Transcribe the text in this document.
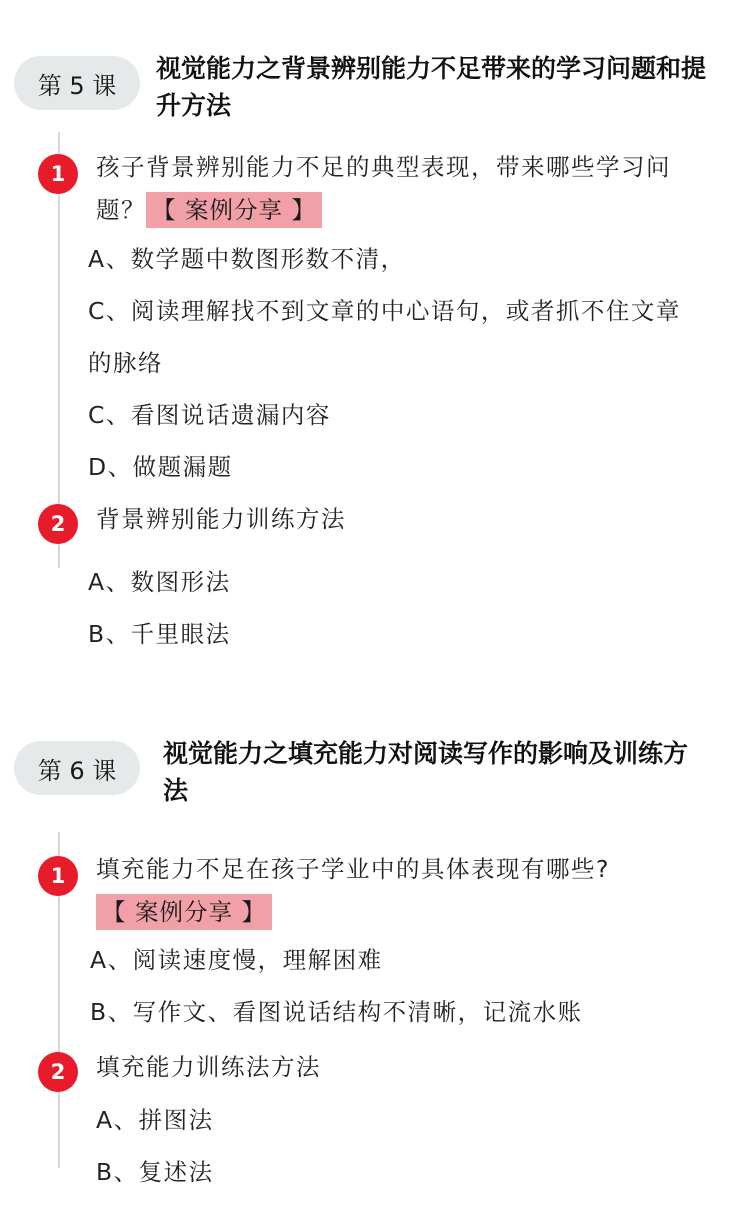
第 5 课
视觉能力之背景辨别能力不足带来的学习问题和提升方法
1	孩子背景辨别能力不足的典型表现，带来哪些学习问题？ 【 案例分享 】
A、数学题中数图形数不清，
C、阅读理解找不到文章的中心语句，或者抓不住文章的脉络
C、看图说话遗漏内容
D、做题漏题
2	背景辨别能力训练方法
A、数图形法
B、千里眼法
第 6 课
视觉能力之填充能力对阅读写作的影响及训练方法
1	填充能力不足在孩子学业中的具体表现有哪些?
【 案例分享 】
A、阅读速度慢，理解困难
B、写作文、看图说话结构不清晰，记流水账
2	填充能力训练法方法
A、拼图法
B、复述法
